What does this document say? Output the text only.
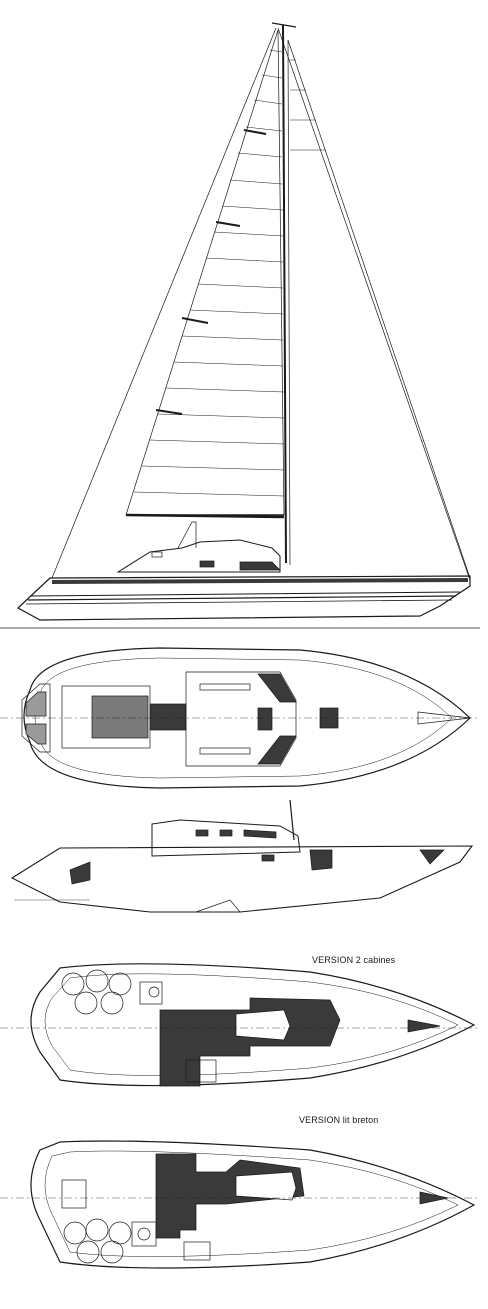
VERSION 2 cabines
VERSION lit breton
